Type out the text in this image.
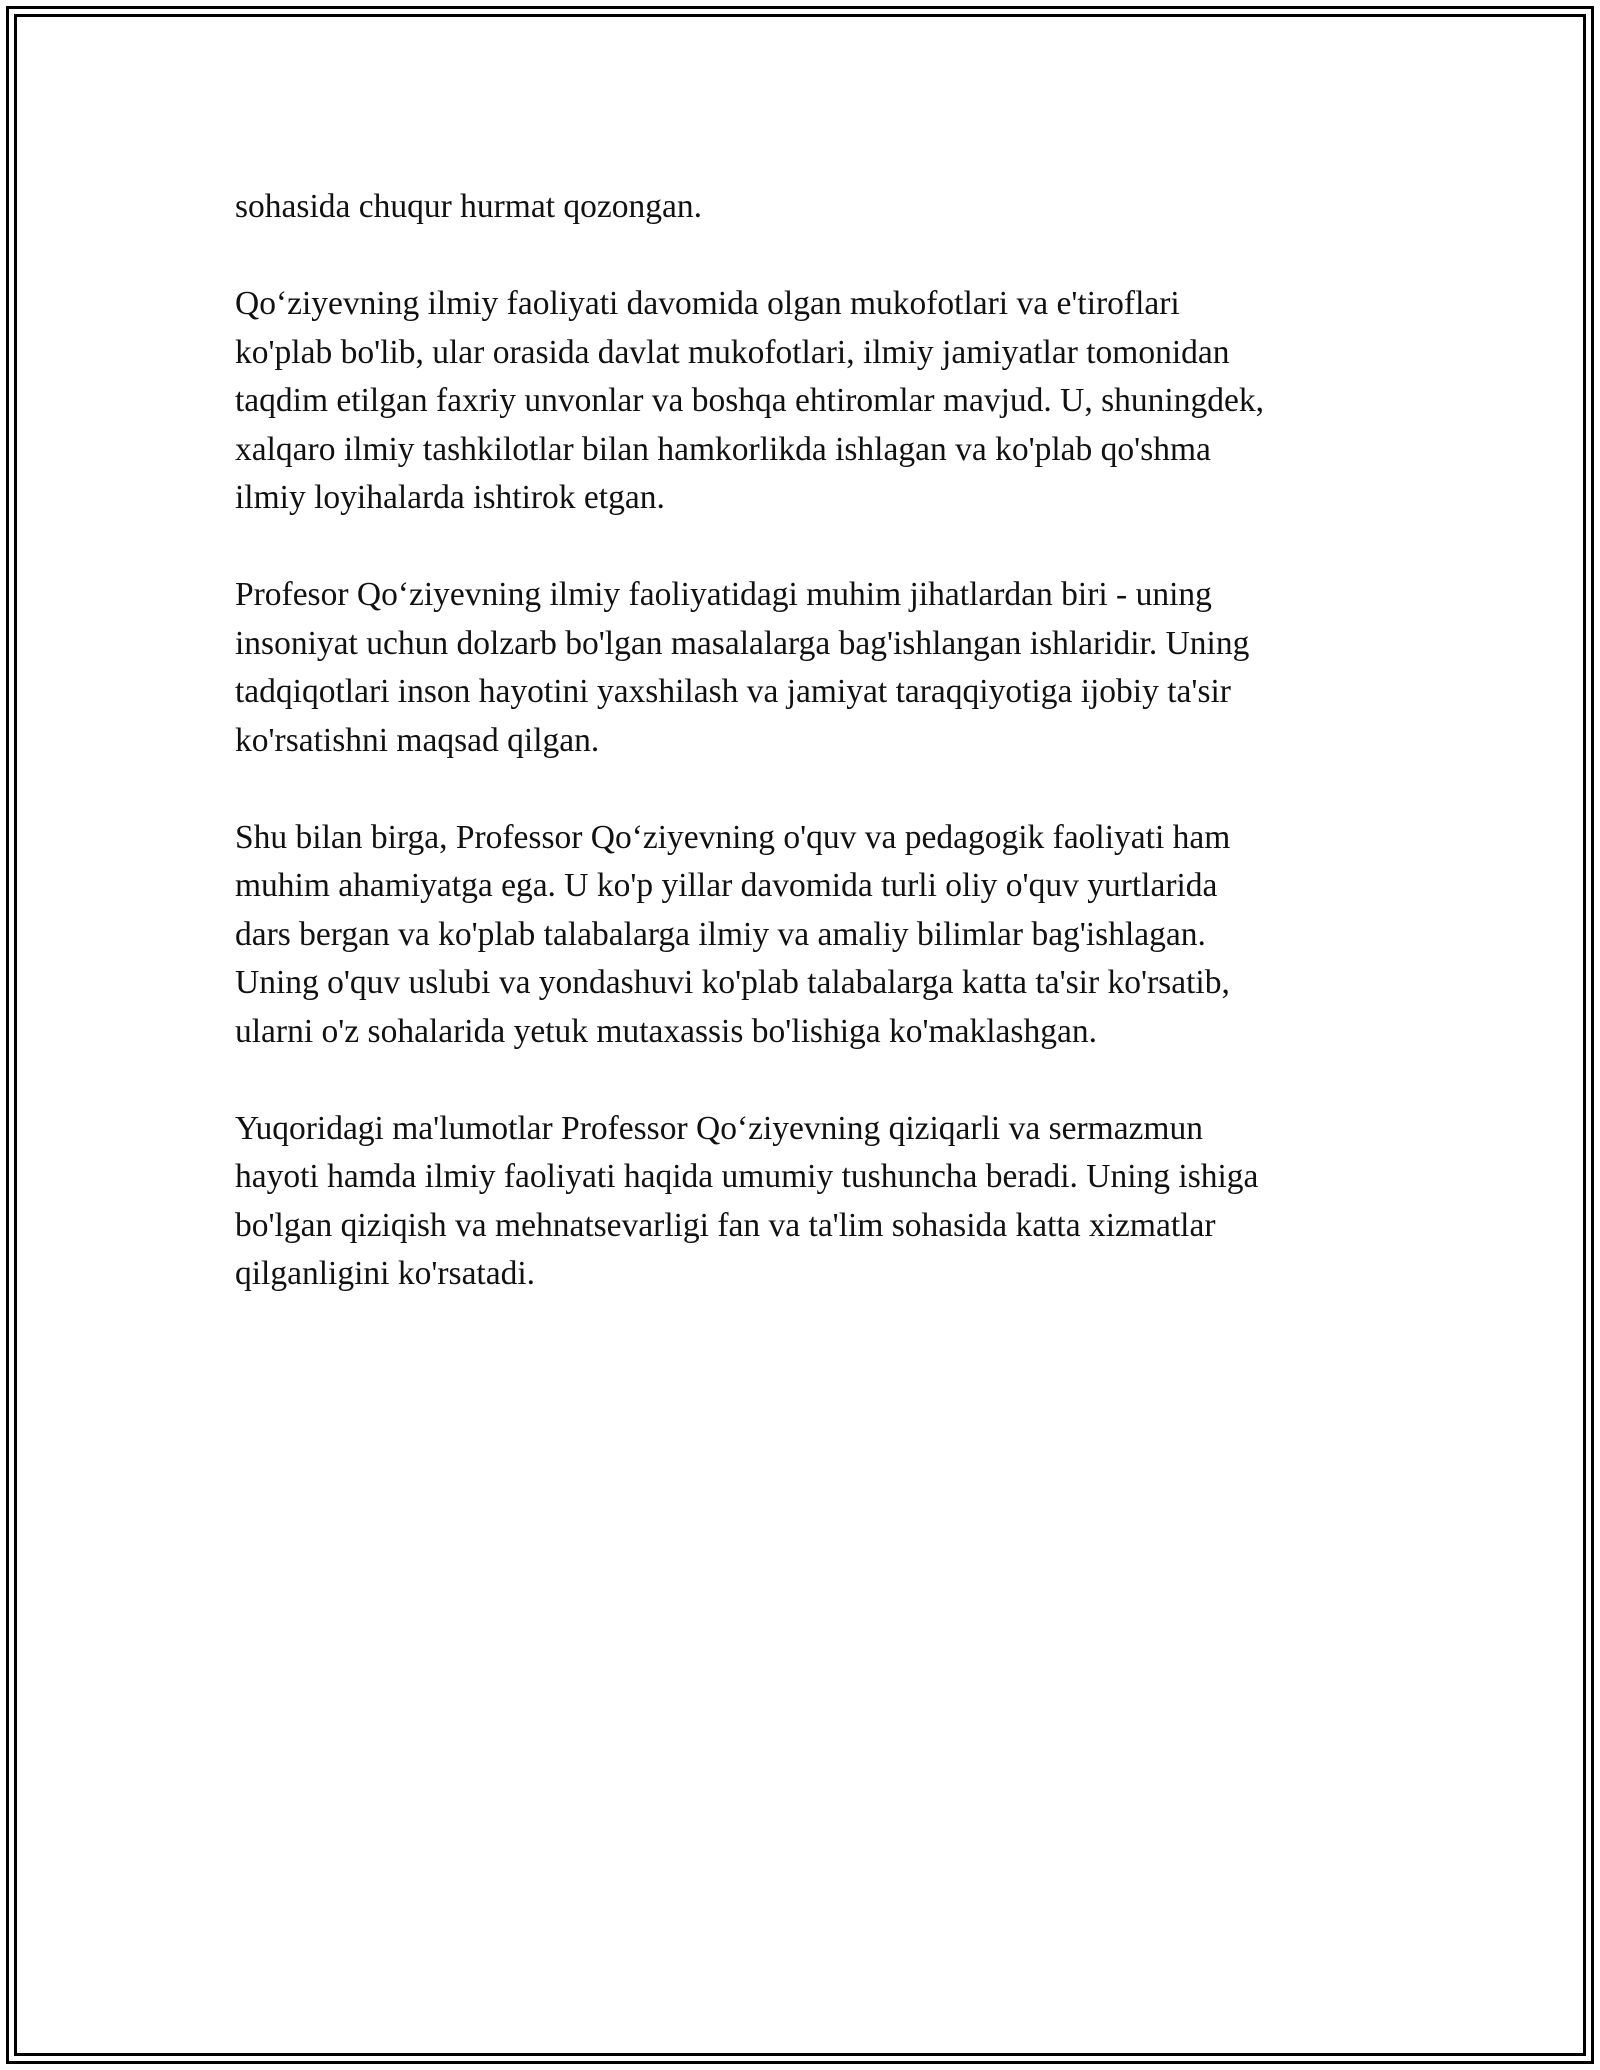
sohasida chuqur hurmat qozongan.

Qo‘ziyevning ilmiy faoliyati davomida olgan mukofotlari va e'tiroflari
ko'plab bo'lib, ular orasida davlat mukofotlari, ilmiy jamiyatlar tomonidan
taqdim etilgan faxriy unvonlar va boshqa ehtiromlar mavjud. U, shuningdek,
xalqaro ilmiy tashkilotlar bilan hamkorlikda ishlagan va ko'plab qo'shma
ilmiy loyihalarda ishtirok etgan.

Profesor Qo‘ziyevning ilmiy faoliyatidagi muhim jihatlardan biri - uning
insoniyat uchun dolzarb bo'lgan masalalarga bag'ishlangan ishlaridir. Uning
tadqiqotlari inson hayotini yaxshilash va jamiyat taraqqiyotiga ijobiy ta'sir
ko'rsatishni maqsad qilgan.

Shu bilan birga, Professor Qo‘ziyevning o'quv va pedagogik faoliyati ham
muhim ahamiyatga ega. U ko'p yillar davomida turli oliy o'quv yurtlarida
dars bergan va ko'plab talabalarga ilmiy va amaliy bilimlar bag'ishlagan.
Uning o'quv uslubi va yondashuvi ko'plab talabalarga katta ta'sir ko'rsatib,
ularni o'z sohalarida yetuk mutaxassis bo'lishiga ko'maklashgan.

Yuqoridagi ma'lumotlar Professor Qo‘ziyevning qiziqarli va sermazmun
hayoti hamda ilmiy faoliyati haqida umumiy tushuncha beradi. Uning ishiga
bo'lgan qiziqish va mehnatsevarligi fan va ta'lim sohasida katta xizmatlar
qilganligini ko'rsatadi.
